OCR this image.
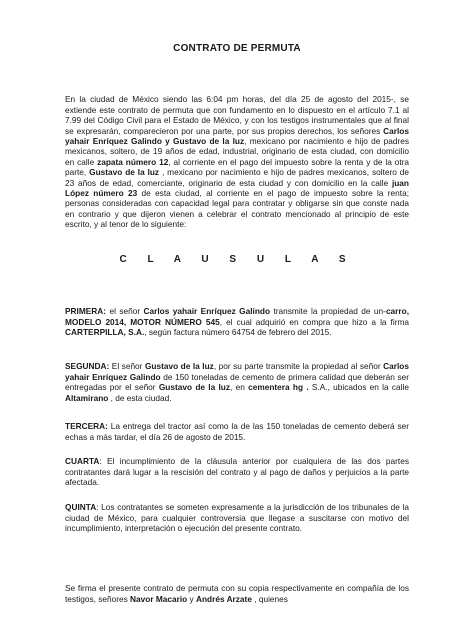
CONTRATO DE PERMUTA

En la ciudad de México siendo las 6:04 pm horas, del día 25 de agosto del 2015-, se extiende este contrato de permuta que con fundamento en lo dispuesto en el artículo 7.1 al 7.99 del Código Civil para el Estado de México, y con los testigos instrumentales que al final se expresarán, comparecieron por una parte, por sus propios derechos, los señores Carlos yahair Enríquez Galindo y Gustavo de la luz, mexicano por nacimiento e hijo de padres mexicanos, soltero, de 19 años de edad, industrial, originario de esta ciudad, con domicilio en calle zapata número 12, al corriente en el pago del impuesto sobre la renta y de la otra parte, Gustavo de la luz , mexicano por nacimiento e hijo de padres mexicanos, soltero de 23 años de edad, comerciante, originario de esta ciudad y con domicilio en la calle juan López número 23 de esta ciudad, al corriente en el pago de impuesto sobre la renta; personas consideradas con capacidad legal para contratar y obligarse sin que conste nada en contrario y que dijeron vienen a celebrar el contrato mencionado al principio de este escrito, y al tenor de lo siguiente:

C L A U S U L A S

PRIMERA: el señor Carlos yahair Enríquez Galindo transmite la propiedad de un-carro, MODELO 2014, MOTOR NÚMERO 545, el cual adquirió en compra que hizo a la firma CARTERPILLA, S.A., según factura número 64754 de febrero del 2015.

SEGUNDA: El señor Gustavo de la luz, por su parte transmite la propiedad al señor Carlos yahair Enríquez Galindo de 150 toneladas de cemento de primera calidad que deberán ser entregadas por el señor Gustavo de la luz, en cementera hg . S.A., ubicados en la calle Altamirano , de esta ciudad.

TERCERA: La entrega del tractor así como la de las 150 toneladas de cemento deberá ser echas a más tardar, el día 26 de agosto de 2015.

CUARTA: El incumplimiento de la cláusula anterior por cualquiera de las dos partes contratantes dará lugar a la rescisión del contrato y al pago de daños y perjuicios a la parte afectada.

QUINTA: Los contratantes se someten expresamente a la jurisdicción de los tribunales de la ciudad de México, para cualquier controversia que llegase a suscitarse con motivo del incumplimiento, interpretación o ejecución del presente contrato.

Se firma el presente contrato de permuta con su copia respectivamente en compañía de los testigos, señores Navor Macario y Andrés Arzate , quienes
